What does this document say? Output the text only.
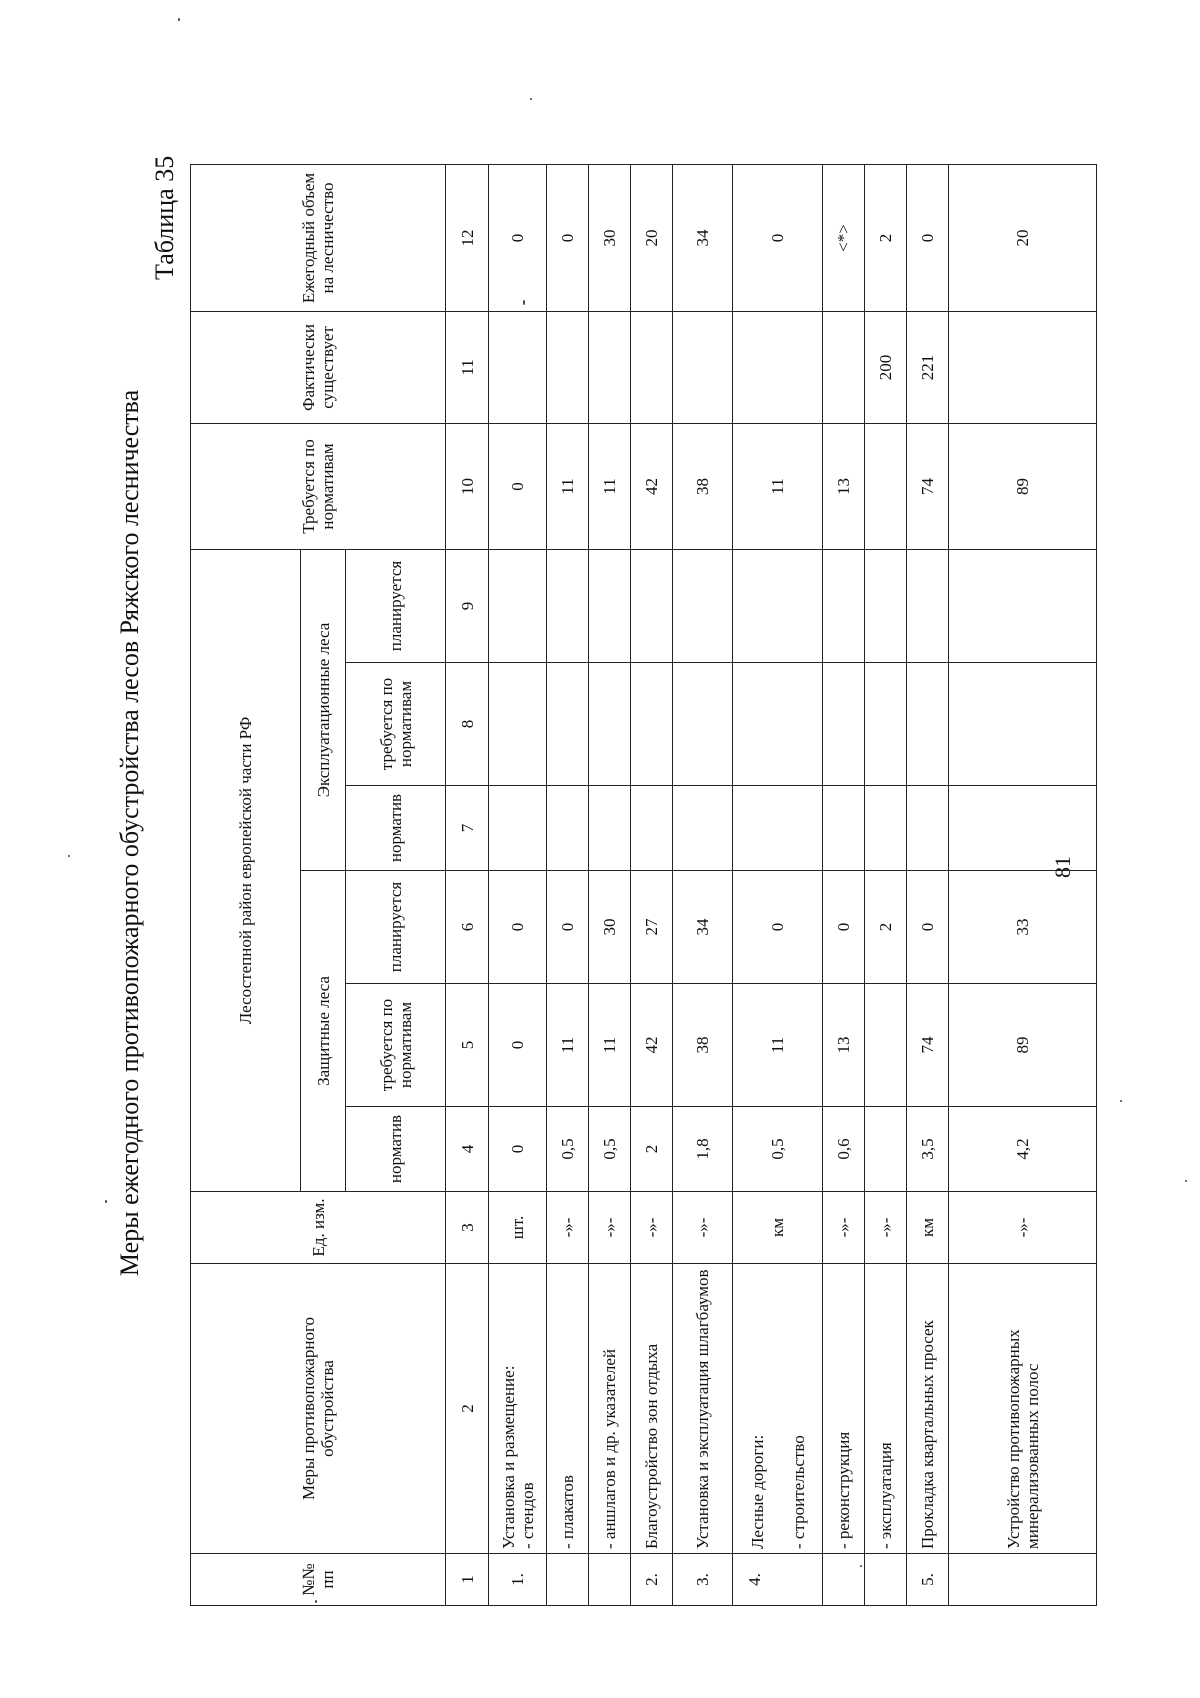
Меры ежегодного противопожарного обустройства лесов Ряжского лесничества
Таблица 35
81
№№ пп	Меры противопожарного обустройства	Ед. изм.	Лесостепной район европейской части РФ						Требуется по нормативам	Фактически существует	Ежегодный объем на лесничество
			Защитные леса			Эксплуатационные леса					
			норматив	требуется по нормативам	планируется	норматив	требуется по нормативам	планируется			
1	2	3	4	5	6	7	8	9	10	11	12
1.	Установка и размещение: - стендов	шт.	0	0	0				0		0
	- плакатов	-»-	0,5	11	0				11		0
	- аншлагов и др. указателей	-»-	0,5	11	30				11		30
2.	Благоустройство зон отдыха	-»-	2	42	27				42		20
3.	Установка и эксплуатация шлагбаумов	-»-	1,8	38	34				38		34
4.	Лесные дороги: - строительство	км	0,5	11	0				11		0
	- реконструкция	-»-	0,6	13	0				13		<*>
	- эксплуатация	-»-			2					200	2
5.	Прокладка квартальных просек	км	3,5	74	0				74	221	0
	Устройство противопожарных минерализованных полос	-»-	4,2	89	33				89		20
